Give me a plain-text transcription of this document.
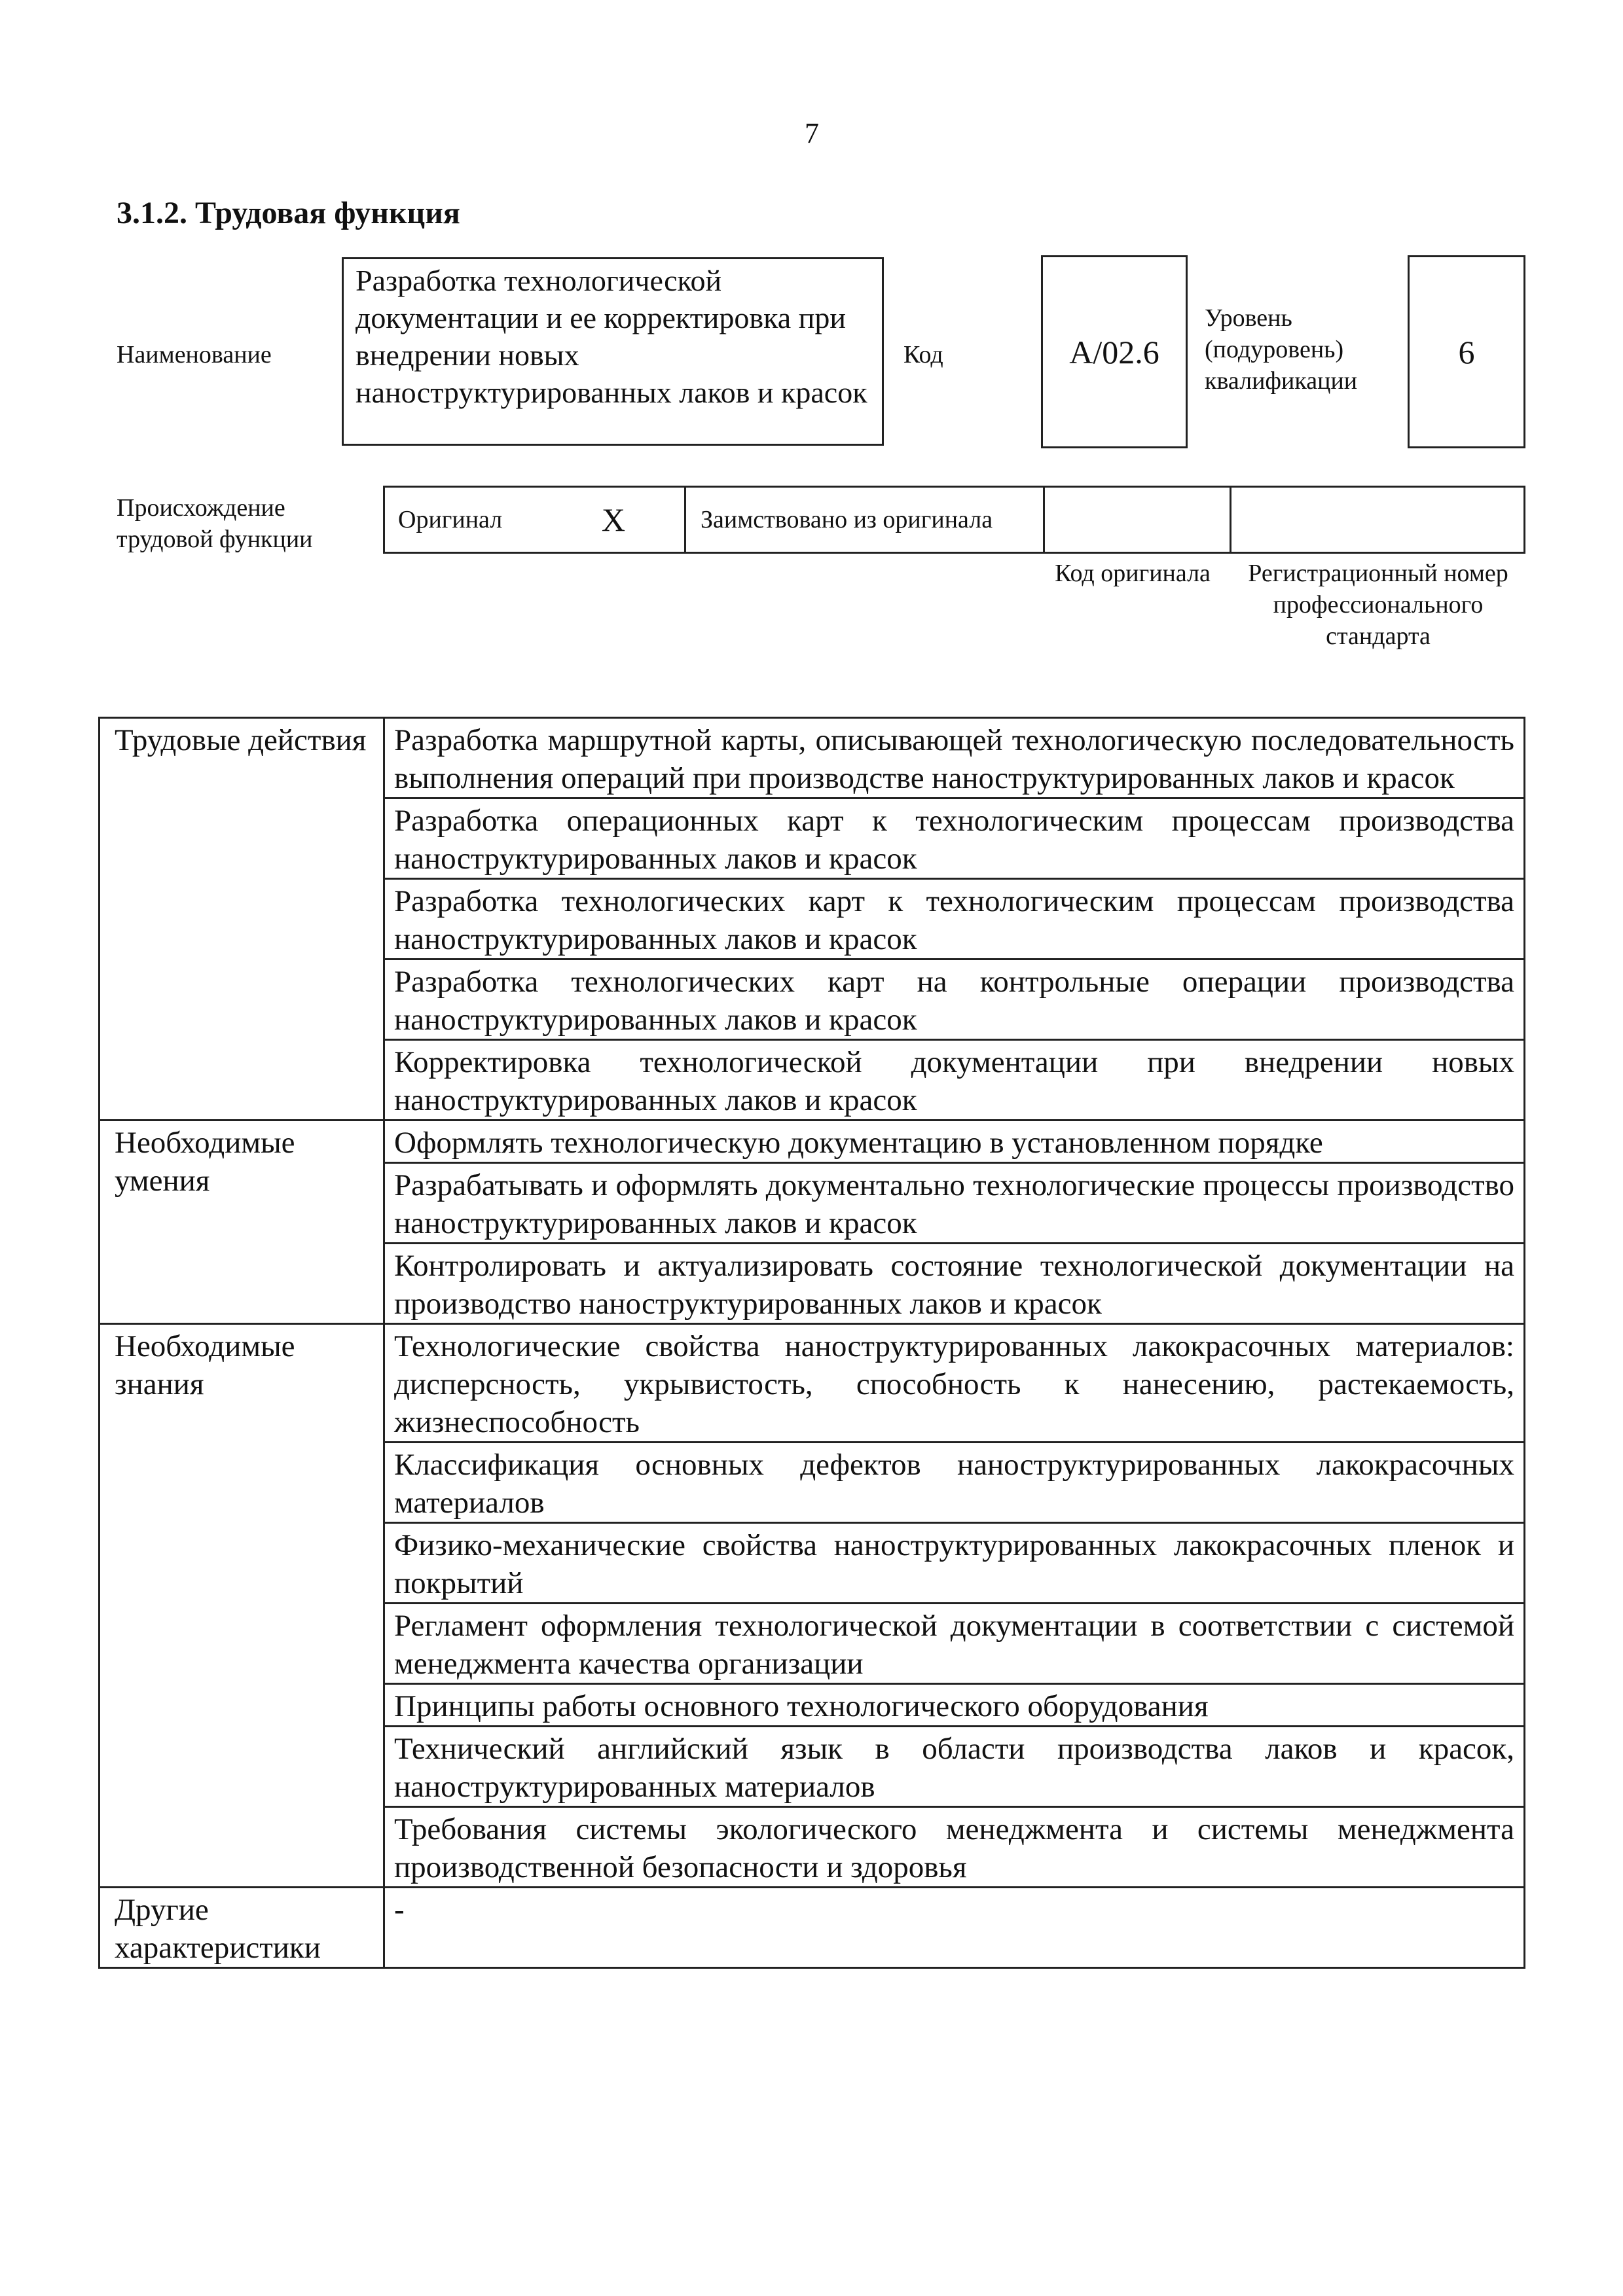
7
3.1.2. Трудовая функция
Наименование
Разработка технологической документации и ее корректировка при внедрении новых наноструктурированных лаков и красок
Код	A/02.6
Уровень (подуровень) квалификации
6
Происхождение трудовой функции
Оригинал	X	Заимствовано из оригинала
Код оригинала	Регистрационный номер профессионального стандарта
Трудовые действия	Разработка маршрутной карты, описывающей технологическую последовательность выполнения операций при производстве наноструктурированных лаков и красок
	Разработка операционных карт к технологическим процессам производства наноструктурированных лаков и красок
	Разработка технологических карт к технологическим процессам производства наноструктурированных лаков и красок
	Разработка технологических карт на контрольные операции производства наноструктурированных лаков и красок
	Корректировка технологической документации при внедрении новых наноструктурированных лаков и красок
Необходимые умения	Оформлять технологическую документацию в установленном порядке
	Разрабатывать и оформлять документально технологические процессы производство наноструктурированных лаков и красок
	Контролировать и актуализировать состояние технологической документации на производство наноструктурированных лаков и красок
Необходимые знания	Технологические свойства наноструктурированных лакокрасочных материалов: дисперсность, укрывистость, способность к нанесению, растекаемость, жизнеспособность
	Классификация основных дефектов наноструктурированных лакокрасочных материалов
	Физико-механические свойства наноструктурированных лакокрасочных пленок и покрытий
	Регламент оформления технологической документации в соответствии с системой менеджмента качества организации
	Принципы работы основного технологического оборудования
	Технический английский язык в области производства лаков и красок, наноструктурированных материалов
	Требования системы экологического менеджмента и системы менеджмента производственной безопасности и здоровья
Другие характеристики	-
